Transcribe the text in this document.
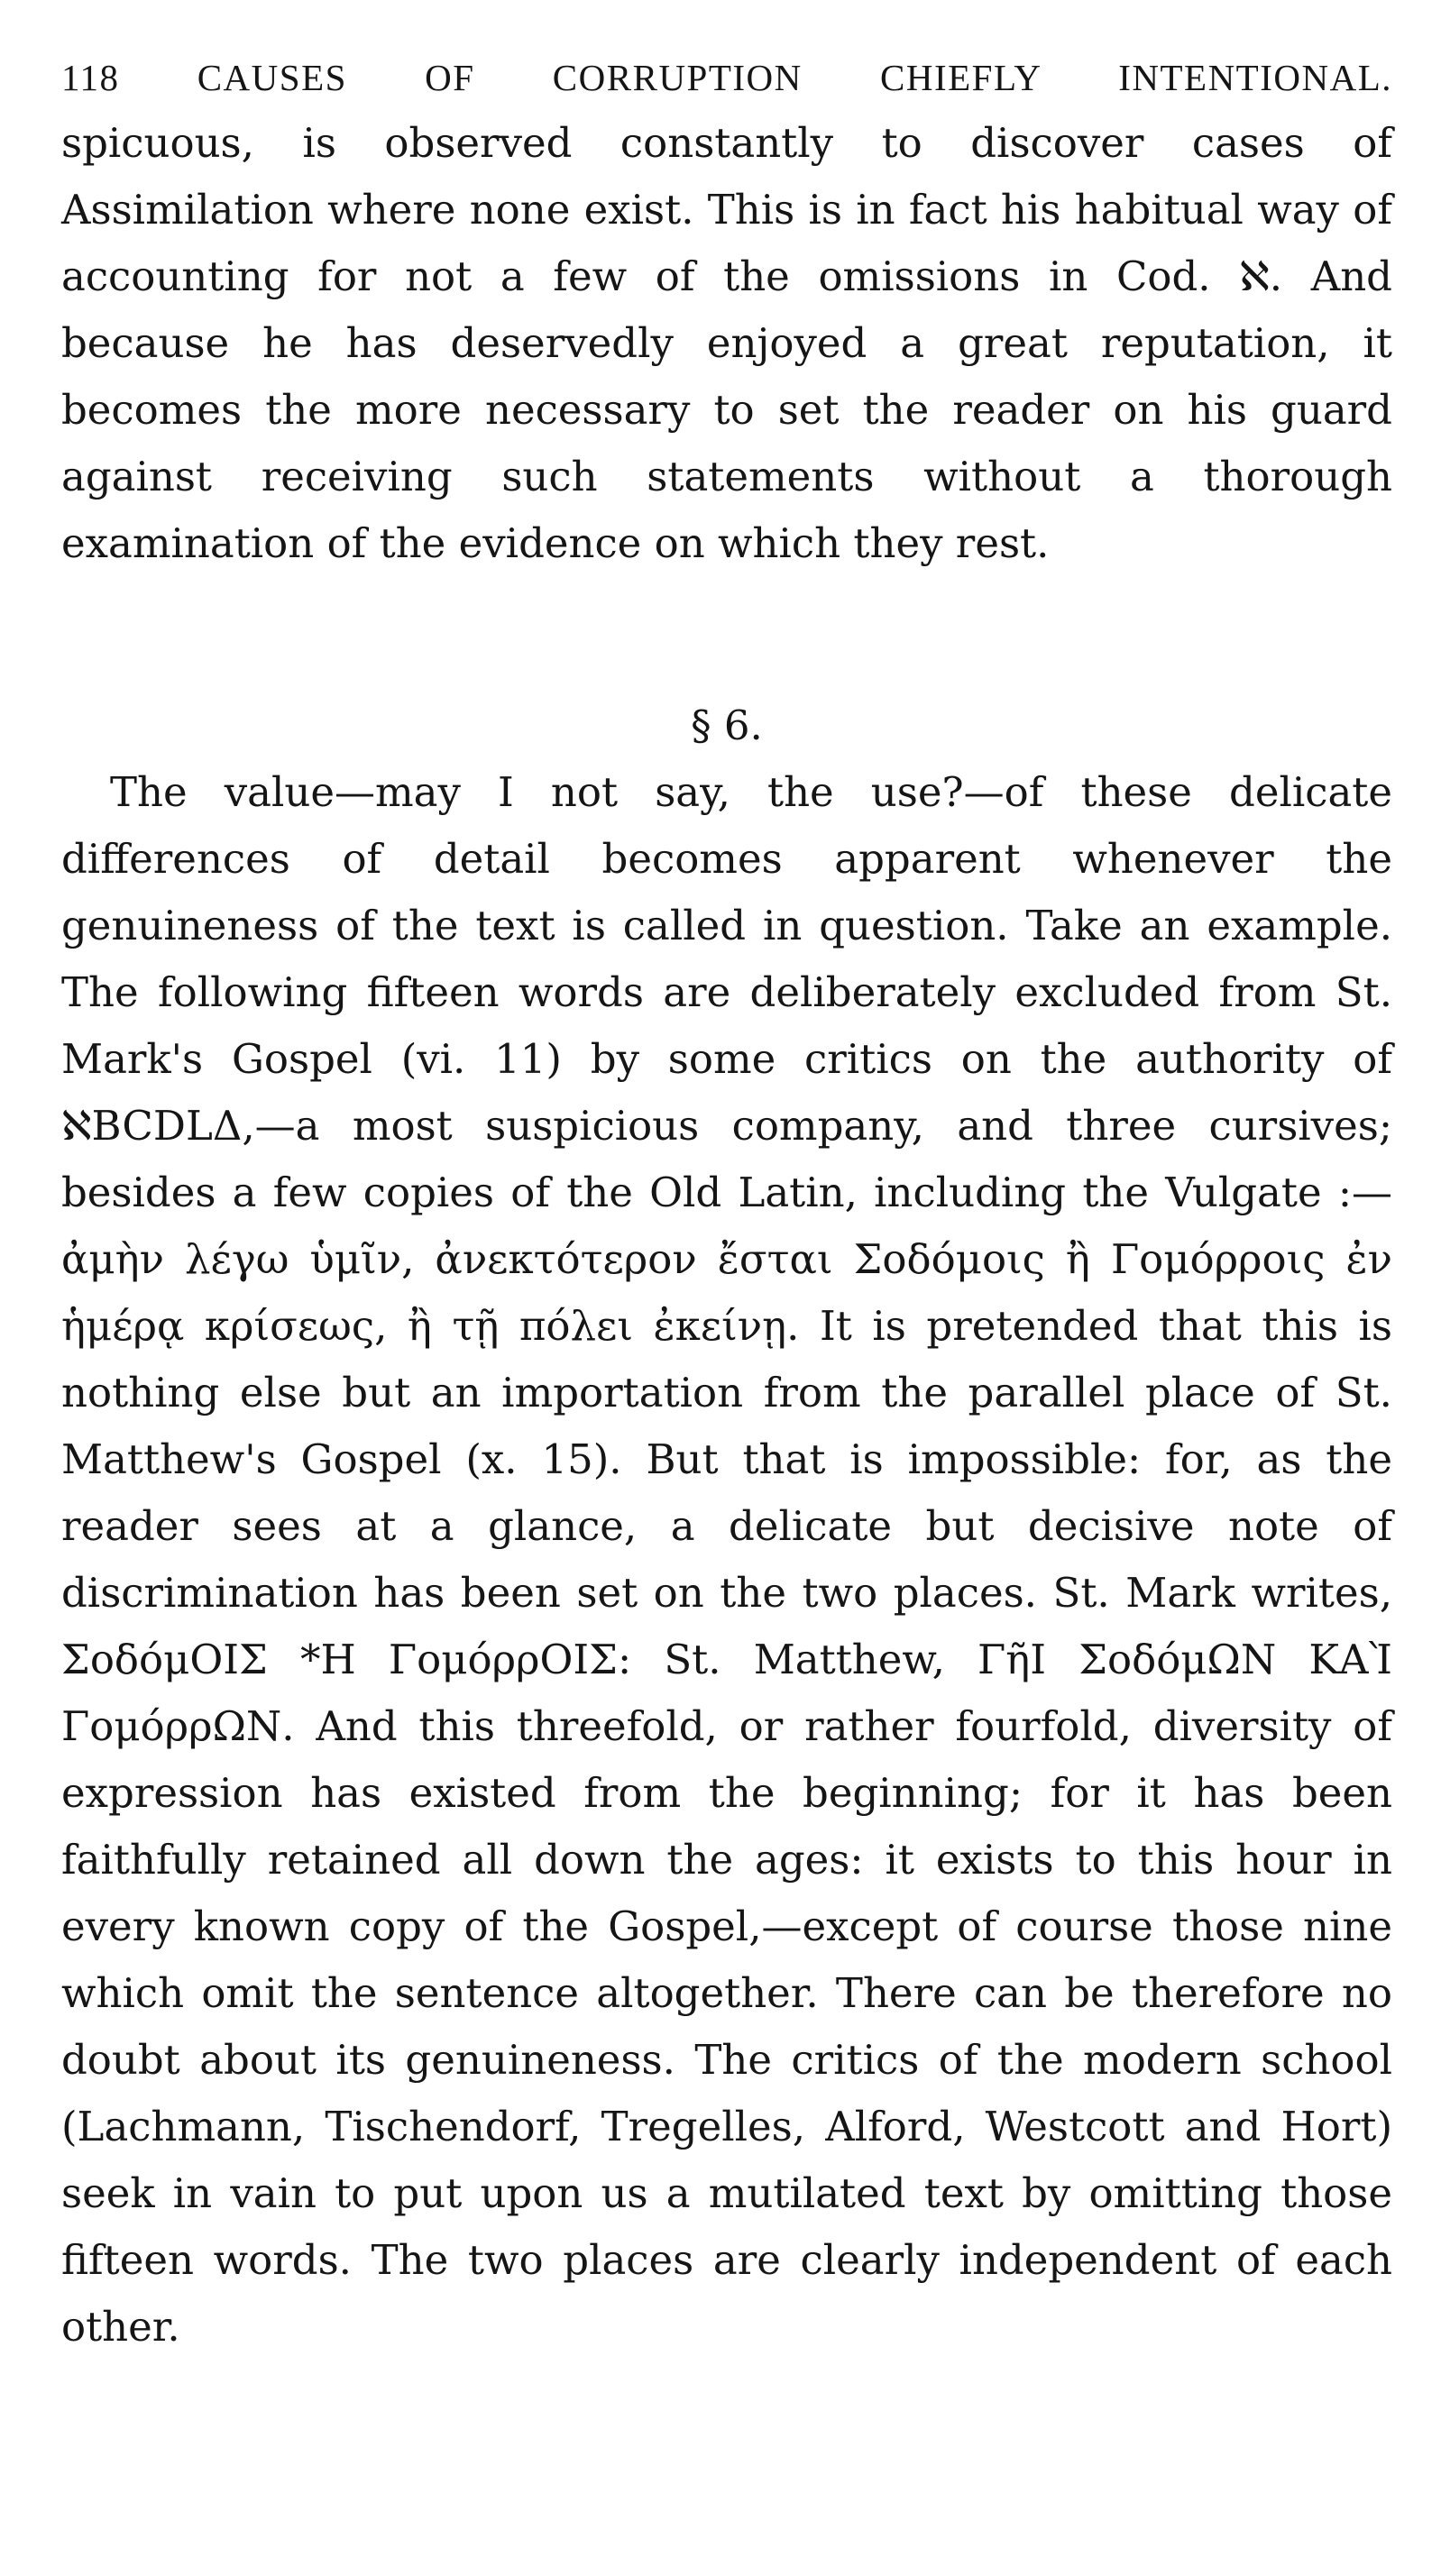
118 CAUSES OF CORRUPTION CHIEFLY INTENTIONAL.

spicuous, is observed constantly to discover cases of Assimilation where none exist. This is in fact his habitual way of accounting for not a few of the omissions in Cod. ℵ. And because he has deservedly enjoyed a great reputation, it becomes the more necessary to set the reader on his guard against receiving such statements without a thorough examination of the evidence on which they rest.

§ 6.

The value—may I not say, the use?—of these delicate differences of detail becomes apparent whenever the genuineness of the text is called in question. Take an example. The following fifteen words are deliberately excluded from St. Mark's Gospel (vi. 11) by some critics on the authority of ℵBCDLΔ,—a most suspicious company, and three cursives; besides a few copies of the Old Latin, including the Vulgate :—ἀμὴν λέγω ὑμῖν, ἀνεκτότερον ἔσται Σοδόμοις ἢ Γομόρροις ἐν ἡμέρᾳ κρίσεως, ἢ τῇ πόλει ἐκείνῃ. It is pretended that this is nothing else but an importation from the parallel place of St. Matthew's Gospel (x. 15). But that is impossible: for, as the reader sees at a glance, a delicate but decisive note of discrimination has been set on the two places. St. Mark writes, ΣοδόμΟΙΣ *Η ΓομόρρΟΙΣ: St. Matthew, ΓῆΙ ΣοδόμΩΝ ΚΑῚ ΓομόρρΩΝ. And this threefold, or rather fourfold, diversity of expression has existed from the beginning; for it has been faithfully retained all down the ages: it exists to this hour in every known copy of the Gospel,—except of course those nine which omit the sentence altogether. There can be therefore no doubt about its genuineness. The critics of the modern school (Lachmann, Tischendorf, Tregelles, Alford, Westcott and Hort) seek in vain to put upon us a mutilated text by omitting those fifteen words. The two places are clearly independent of each other.
